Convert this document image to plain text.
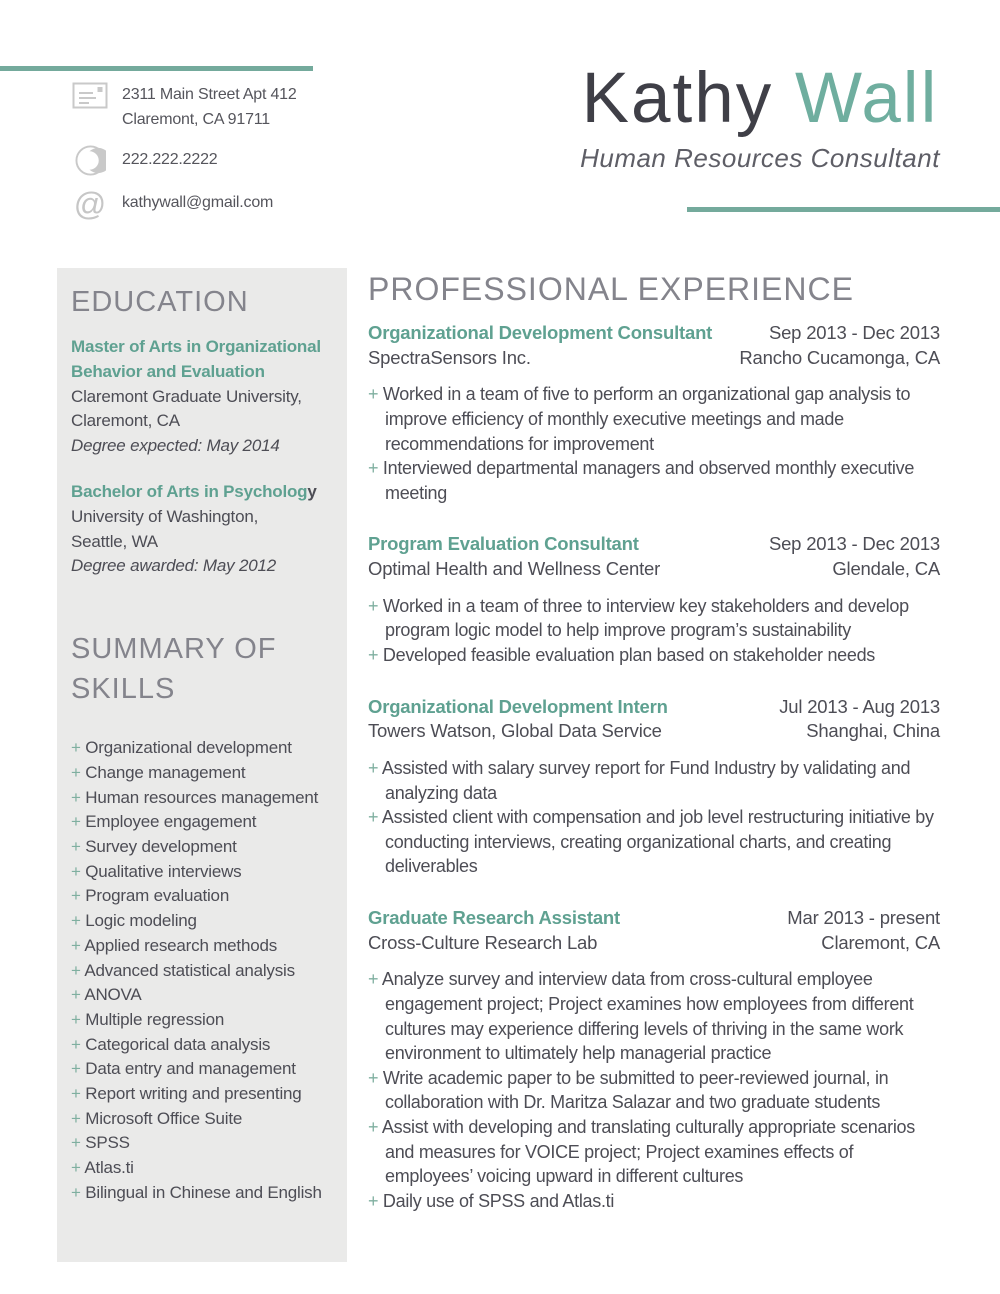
2311 Main Street Apt 412
Claremont, CA 91711
222.222.2222
@ kathywall@gmail.com
Kathy Wall
Human Resources Consultant
EDUCATION
Master of Arts in Organizational Behavior and Evaluation
Claremont Graduate University,
Claremont, CA
Degree expected: May 2014
Bachelor of Arts in Psychology
University of Washington,
Seattle, WA
Degree awarded: May 2012
SUMMARY OF SKILLS
+ Organizational development
+ Change management
+ Human resources management
+ Employee engagement
+ Survey development
+ Qualitative interviews
+ Program evaluation
+ Logic modeling
+ Applied research methods
+ Advanced statistical analysis
+ ANOVA
+ Multiple regression
+ Categorical data analysis
+ Data entry and management
+ Report writing and presenting
+ Microsoft Office Suite
+ SPSS
+ Atlas.ti
+ Bilingual in Chinese and English
PROFESSIONAL EXPERIENCE
Organizational Development Consultant	Sep 2013 - Dec 2013
SpectraSensors Inc.	Rancho Cucamonga, CA
+ Worked in a team of five to perform an organizational gap analysis to improve efficiency of monthly executive meetings and made recommendations for improvement
+ Interviewed departmental managers and observed monthly executive meeting
Program Evaluation Consultant	Sep 2013 - Dec 2013
Optimal Health and Wellness Center	Glendale, CA
+ Worked in a team of three to interview key stakeholders and develop program logic model to help improve program’s sustainability
+ Developed feasible evaluation plan based on stakeholder needs
Organizational Development Intern	Jul 2013 - Aug 2013
Towers Watson, Global Data Service	Shanghai, China
+ Assisted with salary survey report for Fund Industry by validating and analyzing data
+ Assisted client with compensation and job level restructuring initiative by conducting interviews, creating organizational charts, and creating deliverables
Graduate Research Assistant	Mar 2013 - present
Cross-Culture Research Lab	Claremont, CA
+ Analyze survey and interview data from cross-cultural employee engagement project; Project examines how employees from different cultures may experience differing levels of thriving in the same work environment to ultimately help managerial practice
+ Write academic paper to be submitted to peer-reviewed journal, in collaboration with Dr. Maritza Salazar and two graduate students
+ Assist with developing and translating culturally appropriate scenarios and measures for VOICE project; Project examines effects of employees’ voicing upward in different cultures
+ Daily use of SPSS and Atlas.ti
